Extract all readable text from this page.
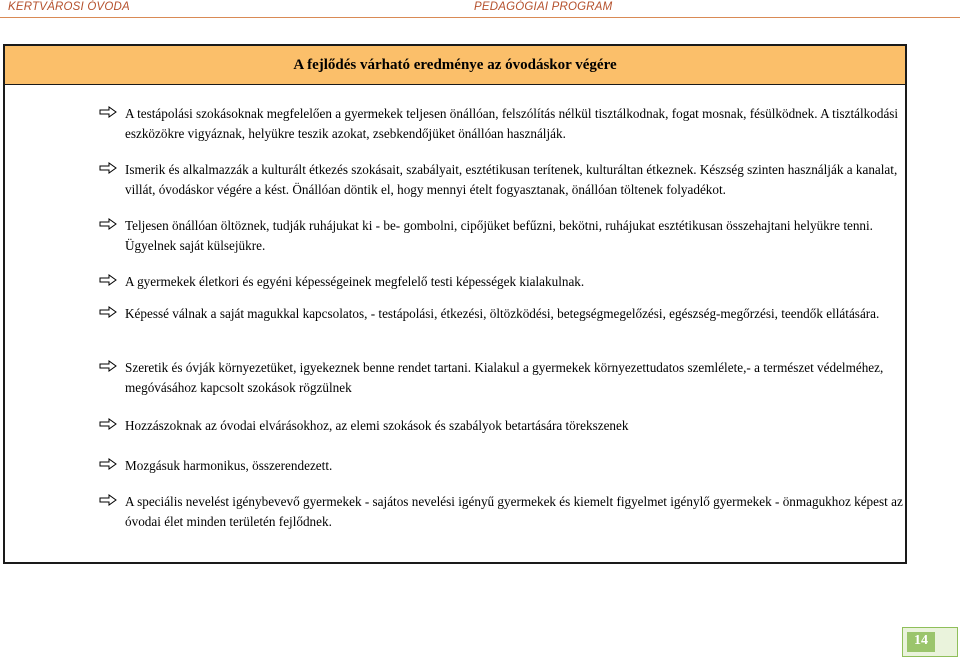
KERTVÁROSI ÓVODA	PEDAGÓGIAI PROGRAM
A fejlődés várható eredménye az óvodáskor végére
A testápolási szokásoknak megfelelően a gyermekek teljesen önállóan, felszólítás nélkül tisztálkodnak, fogat mosnak, fésülködnek. A tisztálkodási eszközökre vigyáznak, helyükre teszik azokat, zsebkendőjüket önállóan használják.
Ismerik és alkalmazzák a kulturált étkezés szokásait, szabályait, esztétikusan terítenek, kulturáltan étkeznek. Készség szinten használják a kanalat, villát, óvodáskor végére a kést. Önállóan döntik el, hogy mennyi ételt fogyasztanak, önállóan töltenek folyadékot.
Teljesen önállóan öltöznek, tudják ruhájukat ki - be- gombolni, cipőjüket befűzni, bekötni, ruhájukat esztétikusan összehajtani helyükre tenni. Ügyelnek saját külsejükre.
A gyermekek életkori és egyéni képességeinek megfelelő testi képességek kialakulnak.
Képessé válnak a saját magukkal kapcsolatos, - testápolási, étkezési, öltözködési, betegségmegelőzési, egészség-megőrzési, teendők ellátására.
Szeretik és óvják környezetüket, igyekeznek benne rendet tartani. Kialakul a gyermekek környezettudatos szemlélete,- a természet védelméhez, megóvásához kapcsolt szokások rögzülnek
Hozzászoknak az óvodai elvárásokhoz, az elemi szokások és szabályok betartására törekszenek
Mozgásuk harmonikus, összerendezett.
A speciális nevelést igénybevevő gyermekek - sajátos nevelési igényű gyermekek és kiemelt figyelmet igénylő gyermekek - önmagukhoz képest az óvodai élet minden területén fejlődnek.
14
